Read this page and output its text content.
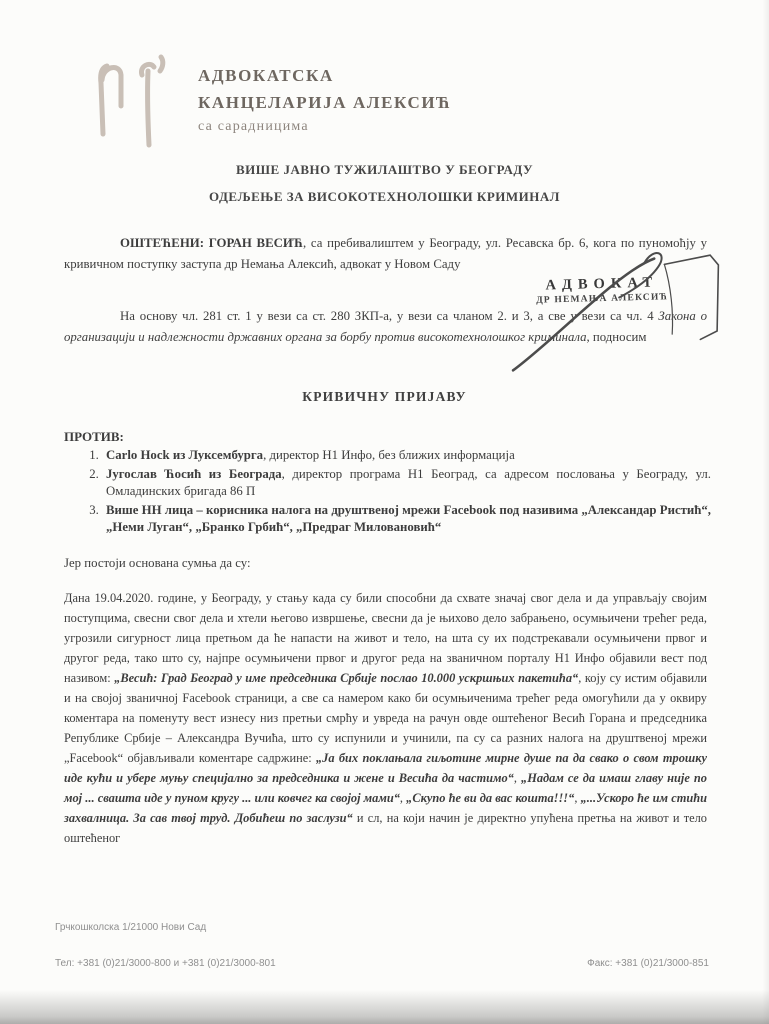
АДВОКАТСКА
КАНЦЕЛАРИЈА АЛЕКСИЋ
са сарадницима
ВИШЕ ЈАВНО ТУЖИЛАШТВО У БЕОГРАДУ
ОДЕЉЕЊЕ ЗА ВИСОКОТЕХНОЛОШКИ КРИМИНАЛ

ОШТЕЋЕНИ: ГОРАН ВЕСИЋ, са пребивалиштем у Београду, ул. Ресавска бр. 6, кога по пуномоћју у кривичном поступку заступа др Немања Алексић, адвокат у Новом Саду

АДВОКАТ
ДР НЕМАЊА АЛЕКСИЋ

На основу чл. 281 ст. 1 у вези са ст. 280 ЗКП-а, у вези са чланом 2. и 3, а све у вези са чл. 4 Закона о организацији и надлежности државних органа за борбу против високотехнолошког криминала, подносим

КРИВИЧНУ ПРИЈАВУ
ПРОТИВ:
1. Carlo Hock из Луксембурга, директор Н1 Инфо, без ближих информација
2. Југослав Ћосић из Београда, директор програма Н1 Београд, са адресом пословања у Београду, ул. Омладинских бригада 86 П
3. Више НН лица – корисника налога на друштвеној мрежи Facebook под називима „Александар Ристић“, „Неми Луган“, „Бранко Грбић“, „Предраг Миловановић“

Јер постоји основана сумња да су:

Дана 19.04.2020. године, у Београду, у стању када су били способни да схвате значај свог дела и да управљају својим поступцима, свесни свог дела и хтели његово извршење, свесни да је њихово дело забрањено, осумњичени трећег реда, угрозили сигурност лица претњом да ће напасти на живот и тело, на шта су их подстрекавали осумњичени првог и другог реда, тако што су, најпре осумњичени првог и другог реда на званичном порталу Н1 Инфо објавили вест под називом: „Весић: Град Београд у име председника Србије послао 10.000 ускршњих пакетића“, коју су истим објавили и на својој званичној Facebook страници, а све са намером како би осумњиченима трећег реда омогућили да у оквиру коментара на поменуту вест изнесу низ претњи смрћу и увреда на рачун овде оштећеног Весић Горана и председника Републике Србије – Александра Вучића, што су испунили и учинили, па су са разних налога на друштвеној мрежи „Facebook“ објављивали коментаре садржине: „Ја бих поклањала гиљотине мирне душе па да свако о свом трошку иде кући и убере муњу специјално за председника и жене и Весића да частимо“, „Надам се да имаш главу није по мој ... свашта иде у пуном кругу ... или ковчег ка својој мами“, „Скупо ће ви да вас кошта!!!“, „...Ускоро ће им стићи захвалница. За сав твој труд. Добићеш по заслузи“ и сл, на који начин је директно упућена претња на живот и тело оштећеног

Грчкошколска 1/21000 Нови Сад
Тел: +381 (0)21/3000-800 и +381 (0)21/3000-801	Факс: +381 (0)21/3000-851
